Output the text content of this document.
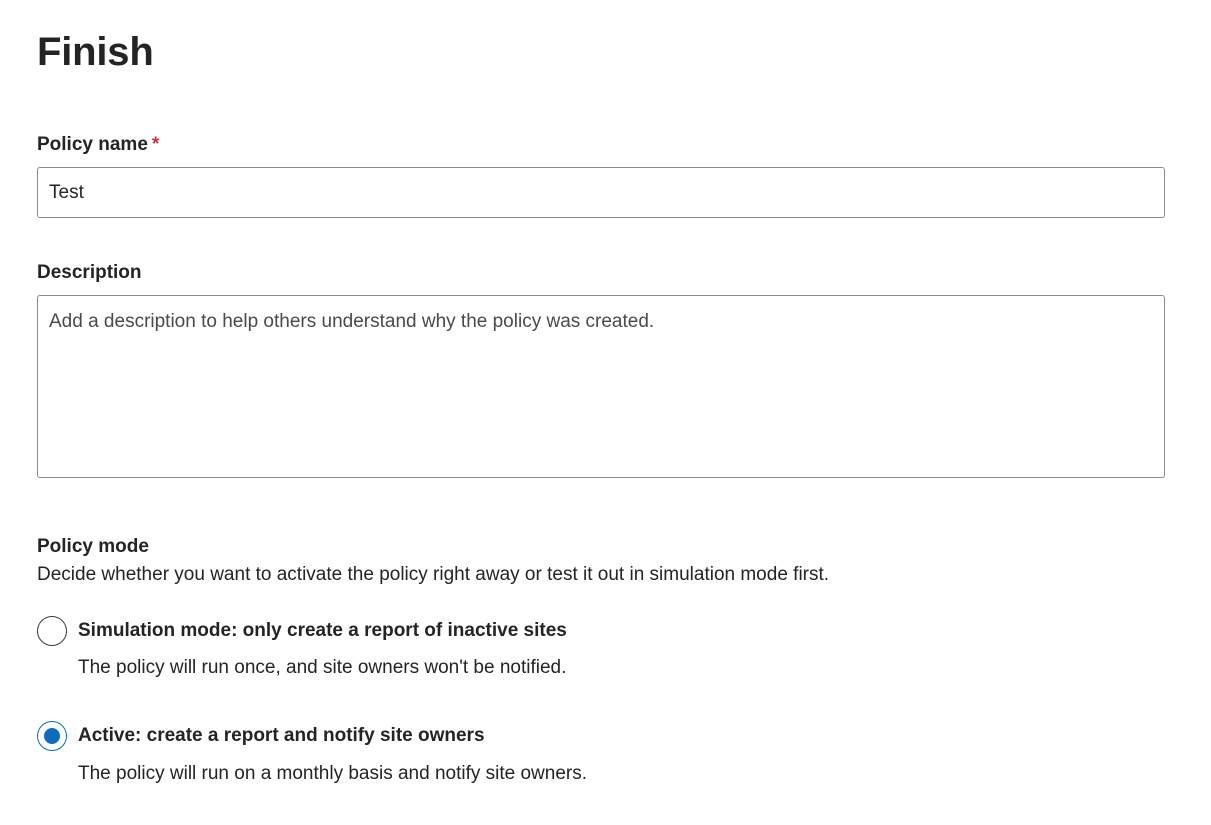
Finish
Policy name *
Test
Description
Add a description to help others understand why the policy was created.
Policy mode
Decide whether you want to activate the policy right away or test it out in simulation mode first.
Simulation mode: only create a report of inactive sites
The policy will run once, and site owners won't be notified.
Active: create a report and notify site owners
The policy will run on a monthly basis and notify site owners.
